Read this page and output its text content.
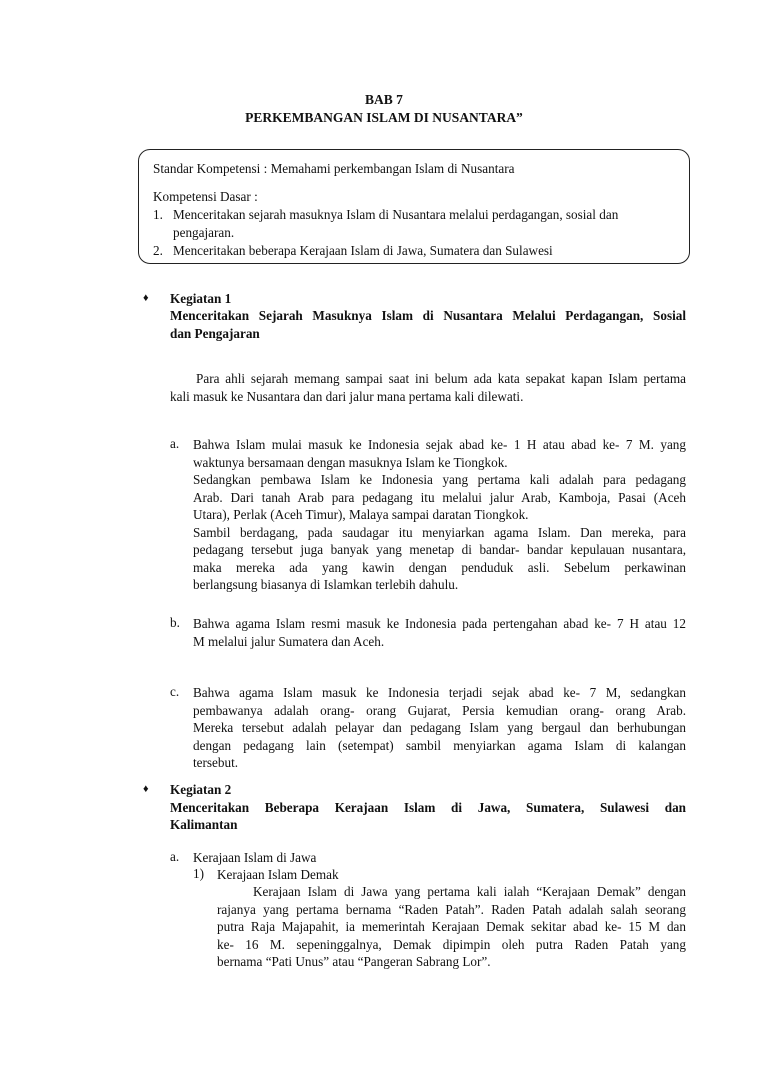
BAB 7
PERKEMBANGAN ISLAM DI NUSANTARA”

Standar Kompetensi : Memahami perkembangan Islam di Nusantara

Kompetensi Dasar :

1. Menceritakan sejarah masuknya Islam di Nusantara melalui perdagangan, sosial dan pengajaran.

2. Menceritakan beberapa Kerajaan Islam di Jawa, Sumatera dan Sulawesi

♦ Kegiatan 1
Menceritakan Sejarah Masuknya Islam di Nusantara Melalui Perdagangan, Sosial
dan Pengajaran
Para ahli sejarah memang sampai saat ini belum ada kata sepakat kapan Islam pertama
kali masuk ke Nusantara dan dari jalur mana pertama kali dilewati.
a. Bahwa Islam mulai masuk ke Indonesia sejak abad ke- 1 H atau abad ke- 7 M. yang
waktunya bersamaan dengan masuknya Islam ke Tiongkok.
Sedangkan pembawa Islam ke Indonesia yang pertama kali adalah para pedagang
Arab. Dari tanah Arab para pedagang itu melalui jalur Arab, Kamboja, Pasai (Aceh
Utara), Perlak (Aceh Timur), Malaya sampai daratan Tiongkok.
Sambil berdagang, pada saudagar itu menyiarkan agama Islam. Dan mereka, para
pedagang tersebut juga banyak yang menetap di bandar- bandar kepulauan nusantara,
maka mereka ada yang kawin dengan penduduk asli. Sebelum perkawinan
berlangsung biasanya di Islamkan terlebih dahulu.
b. Bahwa agama Islam resmi masuk ke Indonesia pada pertengahan abad ke- 7 H atau 12
M melalui jalur Sumatera dan Aceh.
c. Bahwa agama Islam masuk ke Indonesia terjadi sejak abad ke- 7 M, sedangkan
pembawanya adalah orang- orang Gujarat, Persia kemudian orang- orang Arab.
Mereka tersebut adalah pelayar dan pedagang Islam yang bergaul dan berhubungan
dengan pedagang lain (setempat) sambil menyiarkan agama Islam di kalangan
tersebut.
♦ Kegiatan 2
Menceritakan Beberapa Kerajaan Islam di Jawa, Sumatera, Sulawesi dan
Kalimantan
a. Kerajaan Islam di Jawa
1) Kerajaan Islam Demak
Kerajaan Islam di Jawa yang pertama kali ialah “Kerajaan Demak” dengan
rajanya yang pertama bernama “Raden Patah”. Raden Patah adalah salah seorang
putra Raja Majapahit, ia memerintah Kerajaan Demak sekitar abad ke- 15 M dan
ke- 16 M. sepeninggalnya, Demak dipimpin oleh putra Raden Patah yang
bernama “Pati Unus” atau “Pangeran Sabrang Lor”.
